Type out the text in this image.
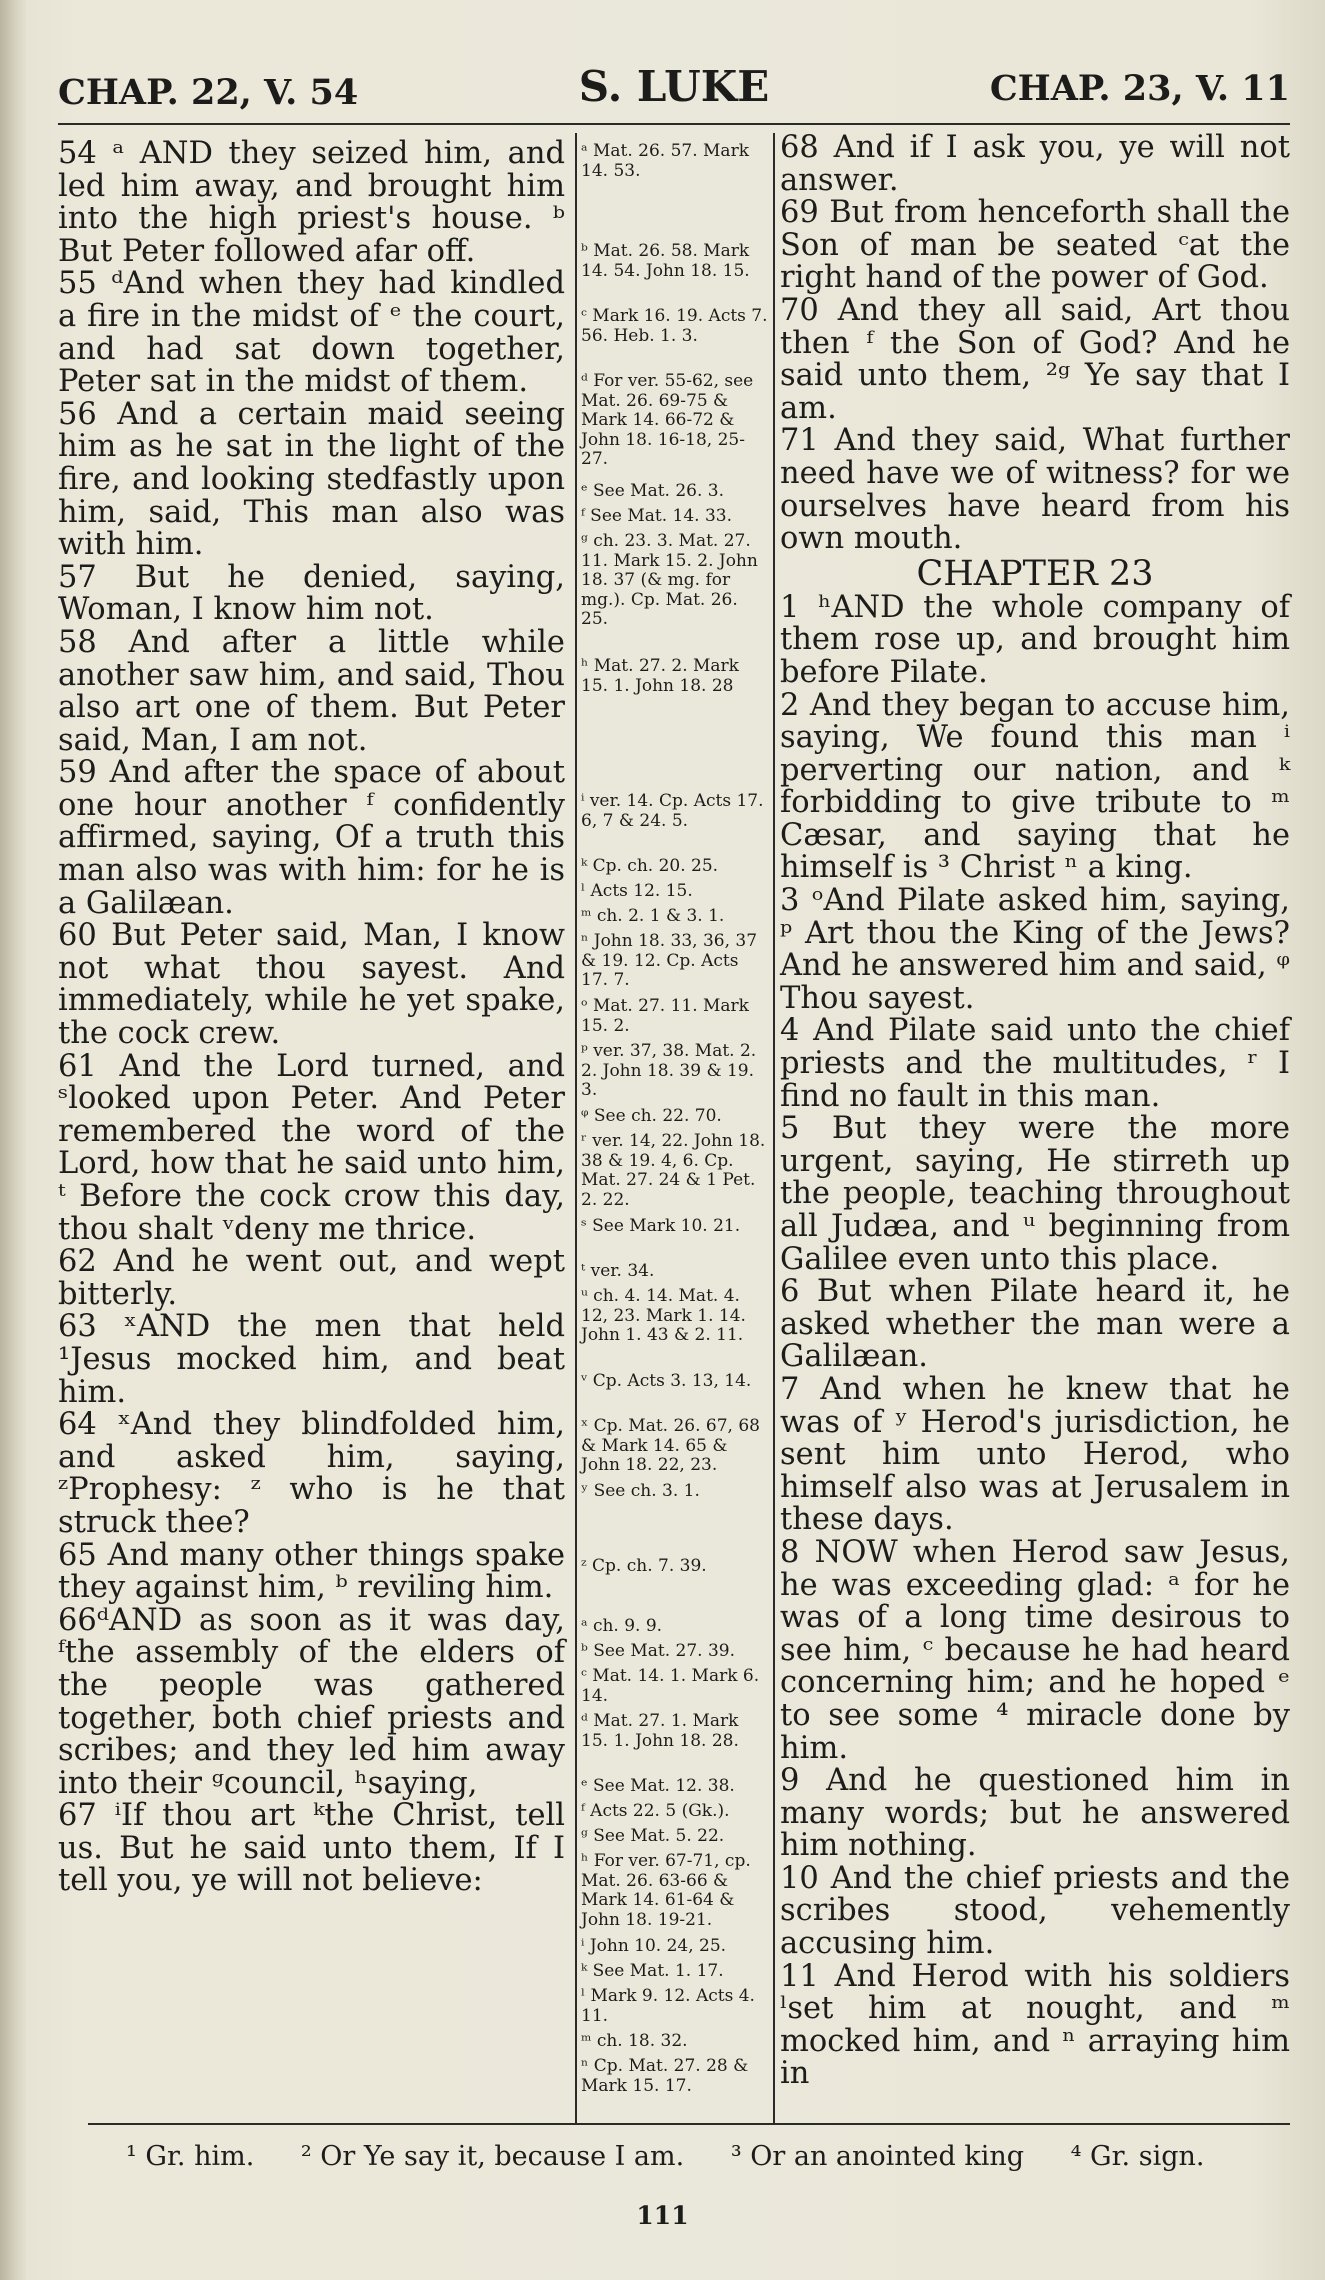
CHAP. 22, V. 54	S. LUKE	CHAP. 23, V. 11

54 ᵃ AND they seized him, and led him away, and brought him into the high priest's house. ᵇ But Peter followed afar off.

55 ᵈAnd when they had kindled a fire in the midst of ᵉ the court, and had sat down together, Peter sat in the midst of them.

56 And a certain maid seeing him as he sat in the light of the fire, and looking stedfastly upon him, said, This man also was with him.

57 But he denied, saying, Woman, I know him not.

58 And after a little while another saw him, and said, Thou also art one of them. But Peter said, Man, I am not.

59 And after the space of about one hour another ᶠ confidently affirmed, saying, Of a truth this man also was with him: for he is a Galilæan.

60 But Peter said, Man, I know not what thou sayest. And immediately, while he yet spake, the cock crew.

61 And the Lord turned, and ˢlooked upon Peter. And Peter remembered the word of the Lord, how that he said unto him, ᵗ Before the cock crow this day, thou shalt ᵛdeny me thrice.

62 And he went out, and wept bitterly.

63 ˣAND the men that held ¹Jesus mocked him, and beat him.

64 ˣAnd they blindfolded him, and asked him, saying, ᶻProphesy: ᶻ who is he that struck thee?

65 And many other things spake they against him, ᵇ reviling him.

66ᵈAND as soon as it was day, ᶠthe assembly of the elders of the people was gathered together, both chief priests and scribes; and they led him away into their ᵍcouncil, ʰsaying,

67 ⁱIf thou art ᵏthe Christ, tell us. But he said unto them, If I tell you, ye will not believe:

ᵃ Mat. 26. 57. Mark 14. 53.
ᵇ Mat. 26. 58. Mark 14. 54. John 18. 15.
ᶜ Mark 16. 19. Acts 7. 56. Heb. 1. 3.
ᵈ For ver. 55-62, see Mat. 26. 69-75 & Mark 14. 66-72 & John 18. 16-18, 25-27.
ᵉ See Mat. 26. 3.
ᶠ See Mat. 14. 33.
ᵍ ch. 23. 3. Mat. 27. 11. Mark 15. 2. John 18. 37 (& mg. for mg.). Cp. Mat. 26. 25.
ʰ Mat. 27. 2. Mark 15. 1. John 18. 28
ⁱ ver. 14. Cp. Acts 17. 6, 7 & 24. 5.
ᵏ Cp. ch. 20. 25.
ˡ Acts 12. 15.
ᵐ ch. 2. 1 & 3. 1.
ⁿ John 18. 33, 36, 37 & 19. 12. Cp. Acts 17. 7.
ᵒ Mat. 27. 11. Mark 15. 2.
ᵖ ver. 37, 38. Mat. 2. 2. John 18. 39 & 19. 3.
ᵠ See ch. 22. 70.
ʳ ver. 14, 22. John 18. 38 & 19. 4, 6. Cp. Mat. 27. 24 & 1 Pet. 2. 22.
ˢ See Mark 10. 21.
ᵗ ver. 34.
ᵘ ch. 4. 14. Mat. 4. 12, 23. Mark 1. 14. John 1. 43 & 2. 11.
ᵛ Cp. Acts 3. 13, 14.
ˣ Cp. Mat. 26. 67, 68 & Mark 14. 65 & John 18. 22, 23.
ʸ See ch. 3. 1.
ᶻ Cp. ch. 7. 39.
ᵃ ch. 9. 9.
ᵇ See Mat. 27. 39.
ᶜ Mat. 14. 1. Mark 6. 14.
ᵈ Mat. 27. 1. Mark 15. 1. John 18. 28.
ᵉ See Mat. 12. 38.
ᶠ Acts 22. 5 (Gk.).
ᵍ See Mat. 5. 22.
ʰ For ver. 67-71, cp. Mat. 26. 63-66 & Mark 14. 61-64 & John 18. 19-21.
ⁱ John 10. 24, 25.
ᵏ See Mat. 1. 17.
ˡ Mark 9. 12. Acts 4. 11.
ᵐ ch. 18. 32.
ⁿ Cp. Mat. 27. 28 & Mark 15. 17.

68 And if I ask you, ye will not answer.

69 But from henceforth shall the Son of man be seated ᶜat the right hand of the power of God.

70 And they all said, Art thou then ᶠ the Son of God? And he said unto them, ²ᵍ Ye say that I am.

71 And they said, What further need have we of witness? for we ourselves have heard from his own mouth.

CHAPTER 23

1 ʰAND the whole company of them rose up, and brought him before Pilate.

2 And they began to accuse him, saying, We found this man ⁱ perverting our nation, and ᵏ forbidding to give tribute to ᵐ Cæsar, and saying that he himself is ³ Christ ⁿ a king.

3 ᵒAnd Pilate asked him, saying, ᵖ Art thou the King of the Jews? And he answered him and said, ᵠ Thou sayest.

4 And Pilate said unto the chief priests and the multitudes, ʳ I find no fault in this man.

5 But they were the more urgent, saying, He stirreth up the people, teaching throughout all Judæa, and ᵘ beginning from Galilee even unto this place.

6 But when Pilate heard it, he asked whether the man were a Galilæan.

7 And when he knew that he was of ʸ Herod's jurisdiction, he sent him unto Herod, who himself also was at Jerusalem in these days.

8 NOW when Herod saw Jesus, he was exceeding glad: ᵃ for he was of a long time desirous to see him, ᶜ because he had heard concerning him; and he hoped ᵉ to see some ⁴ miracle done by him.

9 And he questioned him in many words; but he answered him nothing.

10 And the chief priests and the scribes stood, vehemently accusing him.

11 And Herod with his soldiers ˡset him at nought, and ᵐ mocked him, and ⁿ arraying him in

¹ Gr. him. ² Or Ye say it, because I am. ³ Or an anointed king ⁴ Gr. sign.
111
